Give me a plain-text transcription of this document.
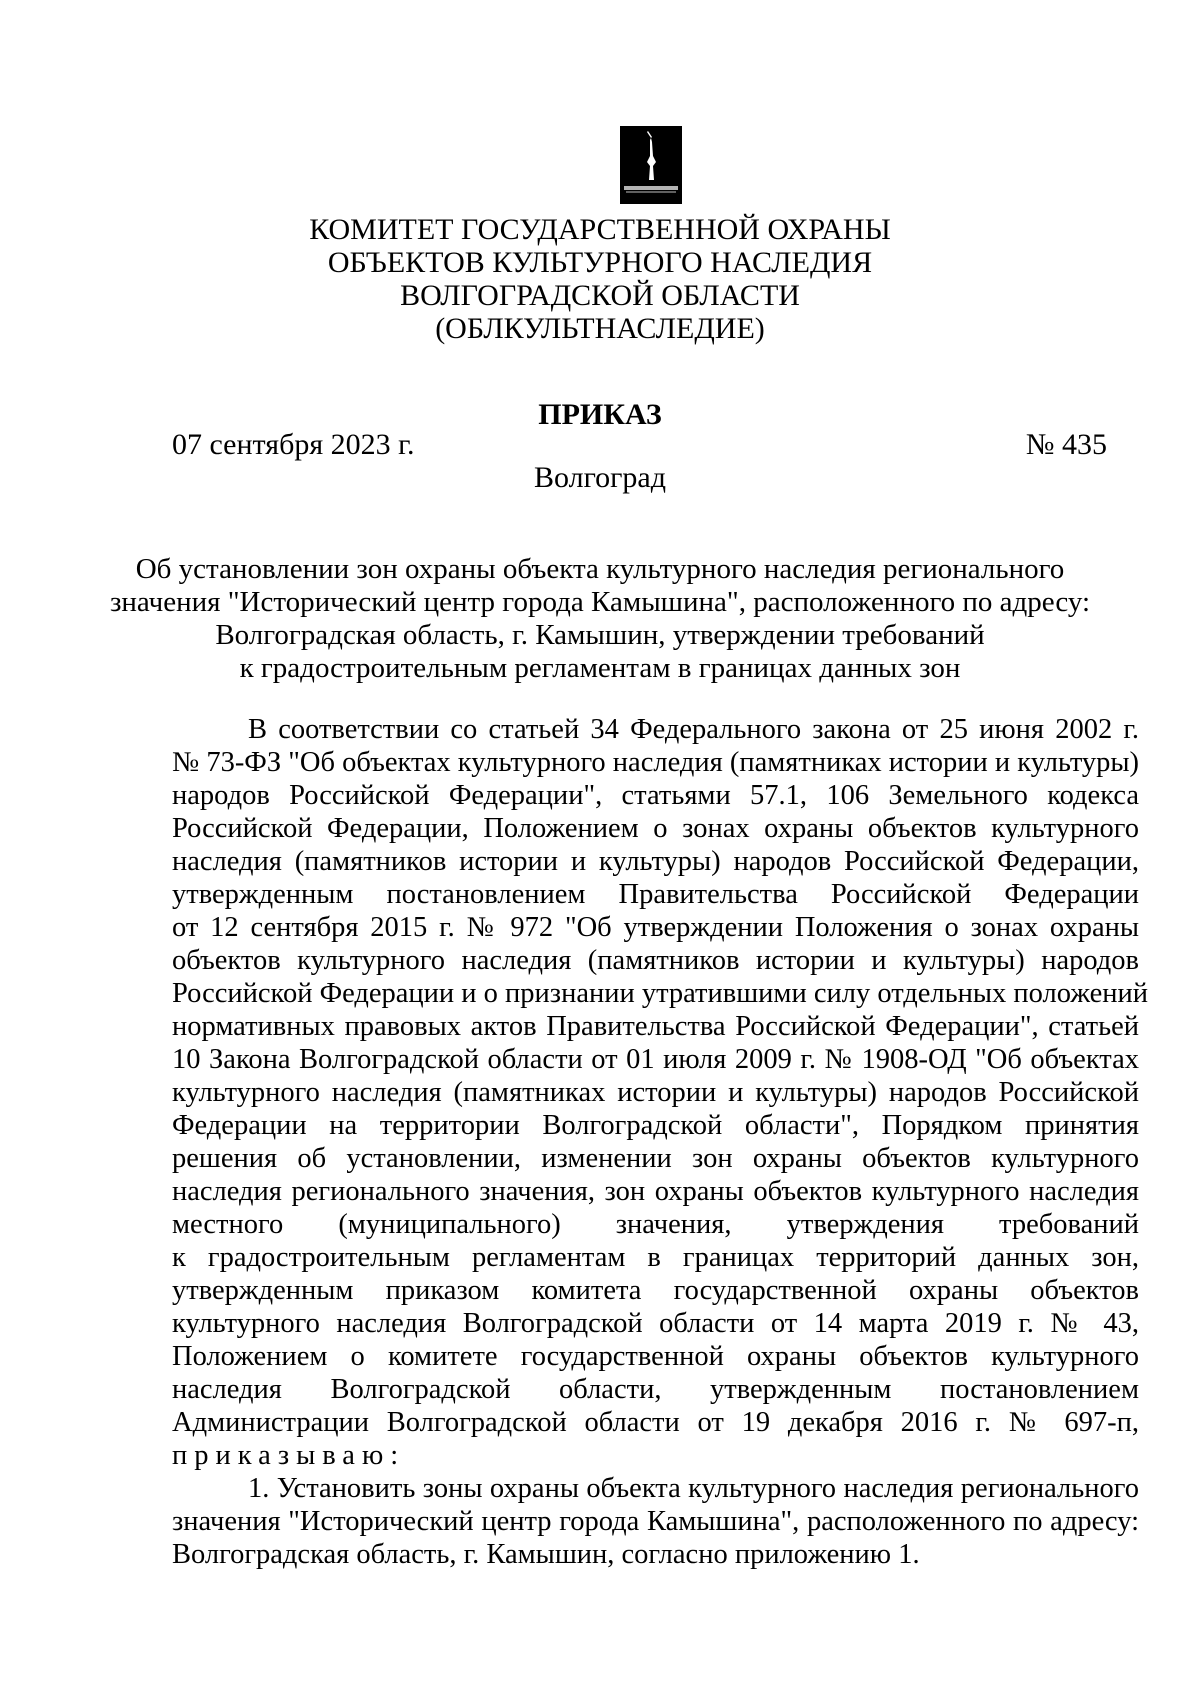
КОМИТЕТ ГОСУДАРСТВЕННОЙ ОХРАНЫ
ОБЪЕКТОВ КУЛЬТУРНОГО НАСЛЕДИЯ
ВОЛГОГРАДСКОЙ ОБЛАСТИ
(ОБЛКУЛЬТНАСЛЕДИЕ)
ПРИКАЗ
07 сентября 2023 г.	№ 435
Волгоград
Об установлении зон охраны объекта культурного наследия регионального
значения "Исторический центр города Камышина", расположенного по адресу:
Волгоградская область, г. Камышин, утверждении требований
к градостроительным регламентам в границах данных зон
В соответствии со статьей 34 Федерального закона от 25 июня 2002 г.
№ 73-ФЗ "Об объектах культурного наследия (памятниках истории и культуры)
народов Российской Федерации", статьями 57.1, 106 Земельного кодекса
Российской Федерации, Положением о зонах охраны объектов культурного
наследия (памятников истории и культуры) народов Российской Федерации,
утвержденным постановлением Правительства Российской Федерации
от 12 сентября 2015 г. № 972 "Об утверждении Положения о зонах охраны
объектов культурного наследия (памятников истории и культуры) народов
Российской Федерации и о признании утратившими силу отдельных положений
нормативных правовых актов Правительства Российской Федерации", статьей
10 Закона Волгоградской области от 01 июля 2009 г. № 1908-ОД "Об объектах
культурного наследия (памятниках истории и культуры) народов Российской
Федерации на территории Волгоградской области", Порядком принятия
решения об установлении, изменении зон охраны объектов культурного
наследия регионального значения, зон охраны объектов культурного наследия
местного (муниципального) значения, утверждения требований
к градостроительным регламентам в границах территорий данных зон,
утвержденным приказом комитета государственной охраны объектов
культурного наследия Волгоградской области от 14 марта 2019 г. № 43,
Положением о комитете государственной охраны объектов культурного
наследия Волгоградской области, утвержденным постановлением
Администрации Волгоградской области от 19 декабря 2016 г. № 697-п,
приказываю:
1. Установить зоны охраны объекта культурного наследия регионального
значения "Исторический центр города Камышина", расположенного по адресу:
Волгоградская область, г. Камышин, согласно приложению 1.
